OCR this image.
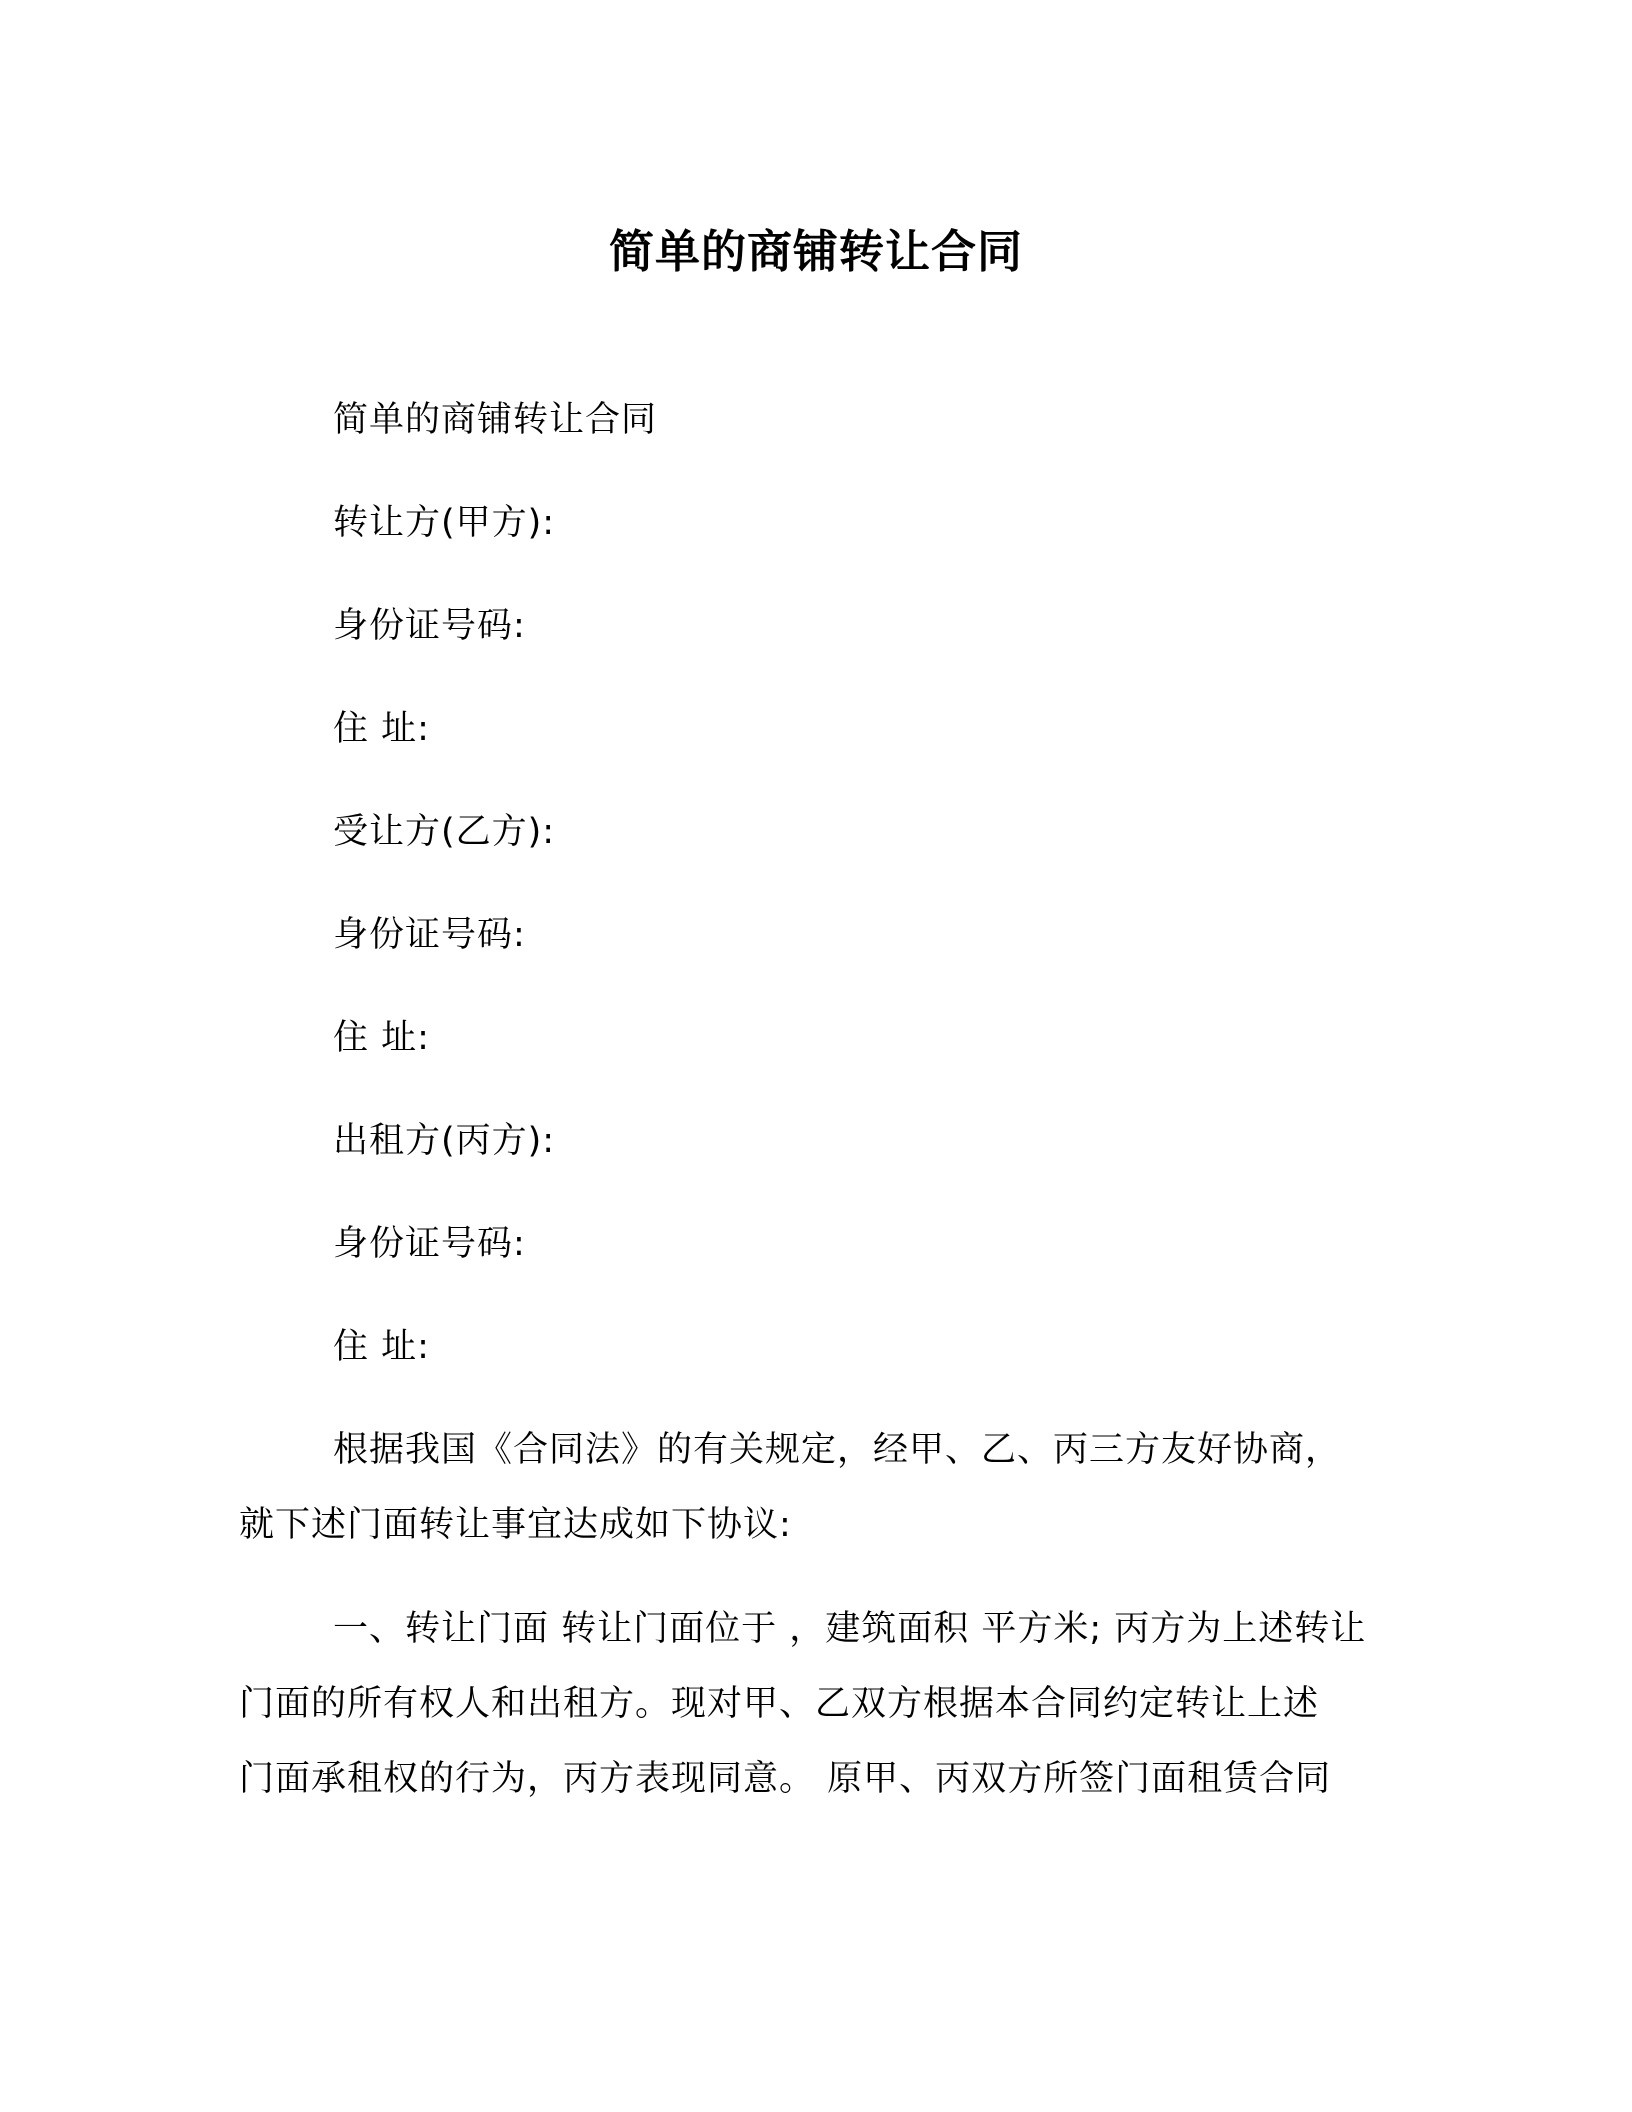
简单的商铺转让合同
简单的商铺转让合同
转让方(甲方):
身份证号码:
住 址:
受让方(乙方):
身份证号码:
住 址:
出租方(丙方):
身份证号码:
住 址:
根据我国《合同法》的有关规定，经甲、乙、丙三方友好协商，
就下述门面转让事宜达成如下协议:
一、转让门面 转让门面位于 ，建筑面积 平方米; 丙方为上述转让
门面的所有权人和出租方。现对甲、乙双方根据本合同约定转让上述
门面承租权的行为，丙方表现同意。 原甲、丙双方所签门面租赁合同
